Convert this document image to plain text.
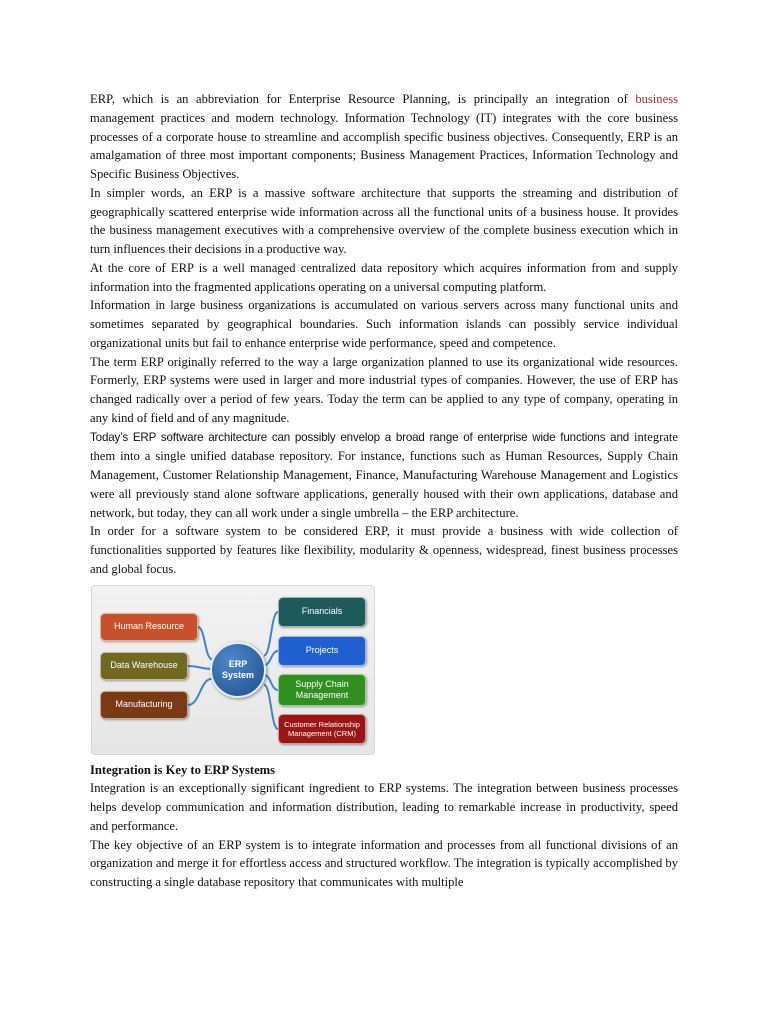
ERP, which is an abbreviation for Enterprise Resource Planning, is principally an integration of business management practices and modern technology. Information Technology (IT) integrates with the core business processes of a corporate house to streamline and accomplish specific business objectives. Consequently, ERP is an amalgamation of three most important components; Business Management Practices, Information Technology and Specific Business Objectives.

In simpler words, an ERP is a massive software architecture that supports the streaming and distribution of geographically scattered enterprise wide information across all the functional units of a business house. It provides the business management executives with a comprehensive overview of the complete business execution which in turn influences their decisions in a productive way.

At the core of ERP is a well managed centralized data repository which acquires information from and supply information into the fragmented applications operating on a universal computing platform.

Information in large business organizations is accumulated on various servers across many functional units and sometimes separated by geographical boundaries. Such information islands can possibly service individual organizational units but fail to enhance enterprise wide performance, speed and competence.

The term ERP originally referred to the way a large organization planned to use its organizational wide resources. Formerly, ERP systems were used in larger and more industrial types of companies. However, the use of ERP has changed radically over a period of few years. Today the term can be applied to any type of company, operating in any kind of field and of any magnitude.

Today’s ERP software architecture can possibly envelop a broad range of enterprise wide functions and integrate them into a single unified database repository. For instance, functions such as Human Resources, Supply Chain Management, Customer Relationship Management, Finance, Manufacturing Warehouse Management and Logistics were all previously stand alone software applications, generally housed with their own applications, database and network, but today, they can all work under a single umbrella – the ERP architecture.

In order for a software system to be considered ERP, it must provide a business with wide collection of functionalities supported by features like flexibility, modularity & openness, widespread, finest business processes and global focus.

Human Resource
Data Warehouse
Manufacturing
ERP
System
Financials
Projects
Supply Chain
Management
Customer Relationship
Management (CRM)

Integration is Key to ERP Systems

Integration is an exceptionally significant ingredient to ERP systems. The integration between business processes helps develop communication and information distribution, leading to remarkable increase in productivity, speed and performance.

The key objective of an ERP system is to integrate information and processes from all functional divisions of an organization and merge it for effortless access and structured workflow. The integration is typically accomplished by constructing a single database repository that communicates with multiple
